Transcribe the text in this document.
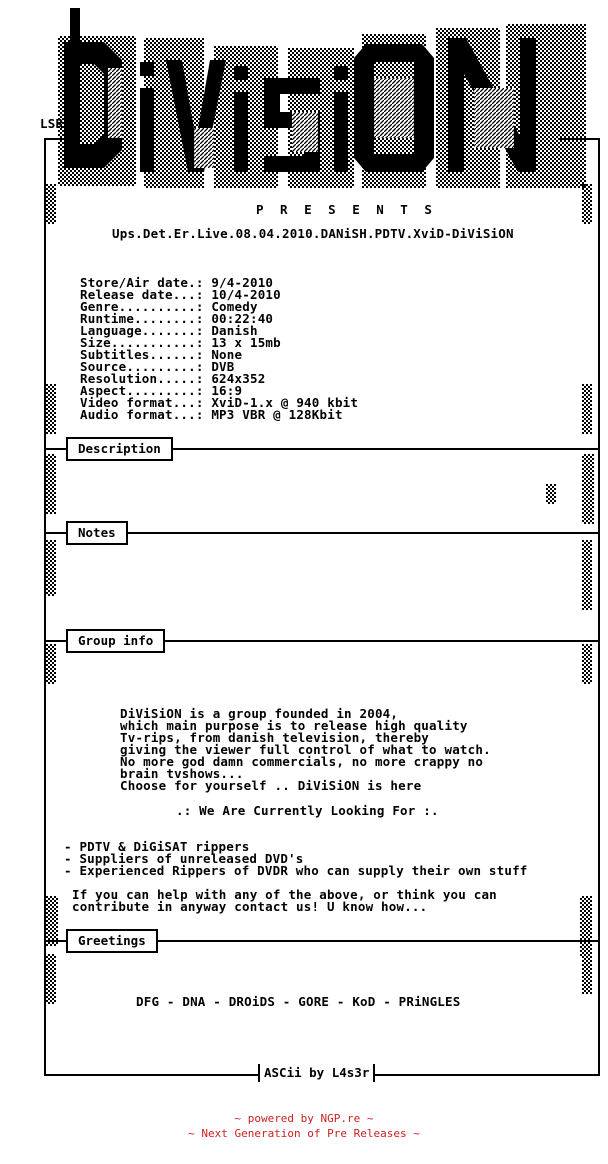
LSR
P R E S E N T S
Ups.Det.Er.Live.08.04.2010.DANiSH.PDTV.XviD-DiViSiON

Store/Air date.: 9/4-2010
Release date...: 10/4-2010
Genre..........: Comedy
Runtime........: 00:22:40
Language.......: Danish
Size...........: 13 x 15mb
Subtitles......: None
Source.........: DVB
Resolution.....: 624x352
Aspect.........: 16:9
Video format...: XviD-1.x @ 940 kbit
Audio format...: MP3 VBR @ 128Kbit

Description
Notes
Group info

DiViSiON is a group founded in 2004,
which main purpose is to release high quality
Tv-rips, from danish television, thereby
giving the viewer full control of what to watch.
No more god damn commercials, no more crappy no
brain tvshows...
Choose for yourself .. DiViSiON is here

.: We Are Currently Looking For :.

- PDTV & DiGiSAT rippers
- Suppliers of unreleased DVD's
- Experienced Rippers of DVDR who can supply their own stuff

If you can help with any of the above, or think you can
contribute in anyway contact us! U know how...

Greetings
DFG - DNA - DROiDS - GORE - KoD - PRiNGLES
ASCii by L4s3r
~ powered by NGP.re ~
~ Next Generation of Pre Releases ~
